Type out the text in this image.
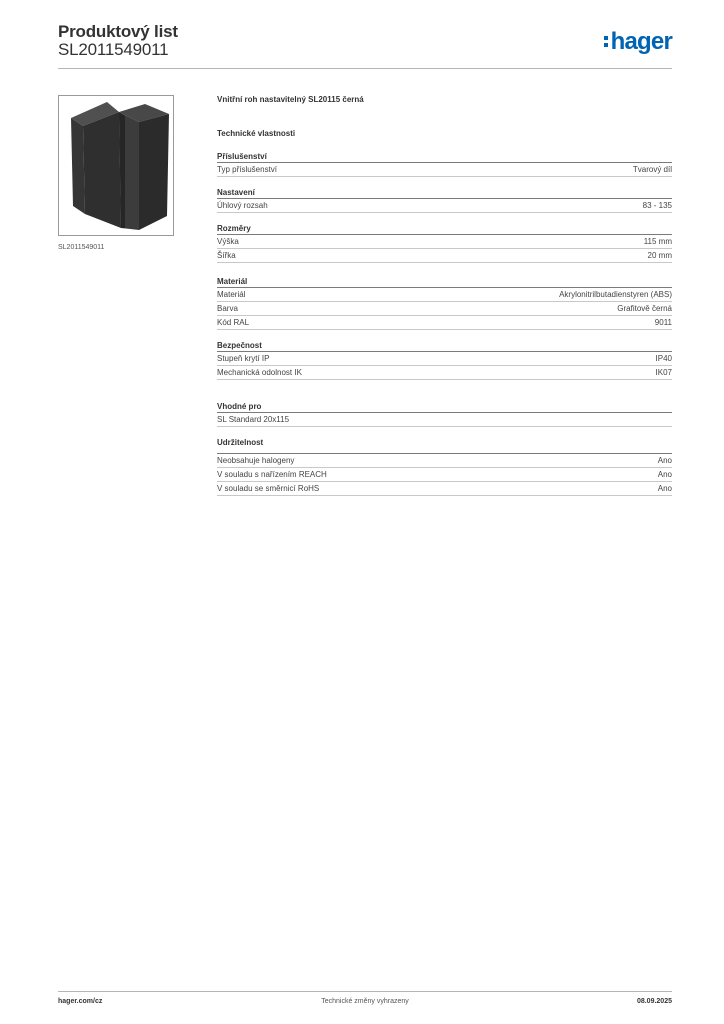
Produktový list
SL2011549011	hager
SL2011549011
Vnitřní roh nastavitelný SL20115 černá
Technické vlastnosti
Příslušenství
Typ příslušenství	Tvarový díl
Nastavení
Úhlový rozsah	83 - 135
Rozměry
Výška	115 mm
Šířka	20 mm
Materiál
Materiál	Akrylonitrilbutadienstyren (ABS)
Barva	Grafitově černá
Kód RAL	9011
Bezpečnost
Stupeň krytí IP	IP40
Mechanická odolnost IK	IK07
Vhodné pro
SL Standard 20x115
Udržitelnost
Neobsahuje halogeny	Ano
V souladu s nařízením REACH	Ano
V souladu se směrnicí RoHS	Ano
hager.com/cz	Technické změny vyhrazeny	08.09.2025
